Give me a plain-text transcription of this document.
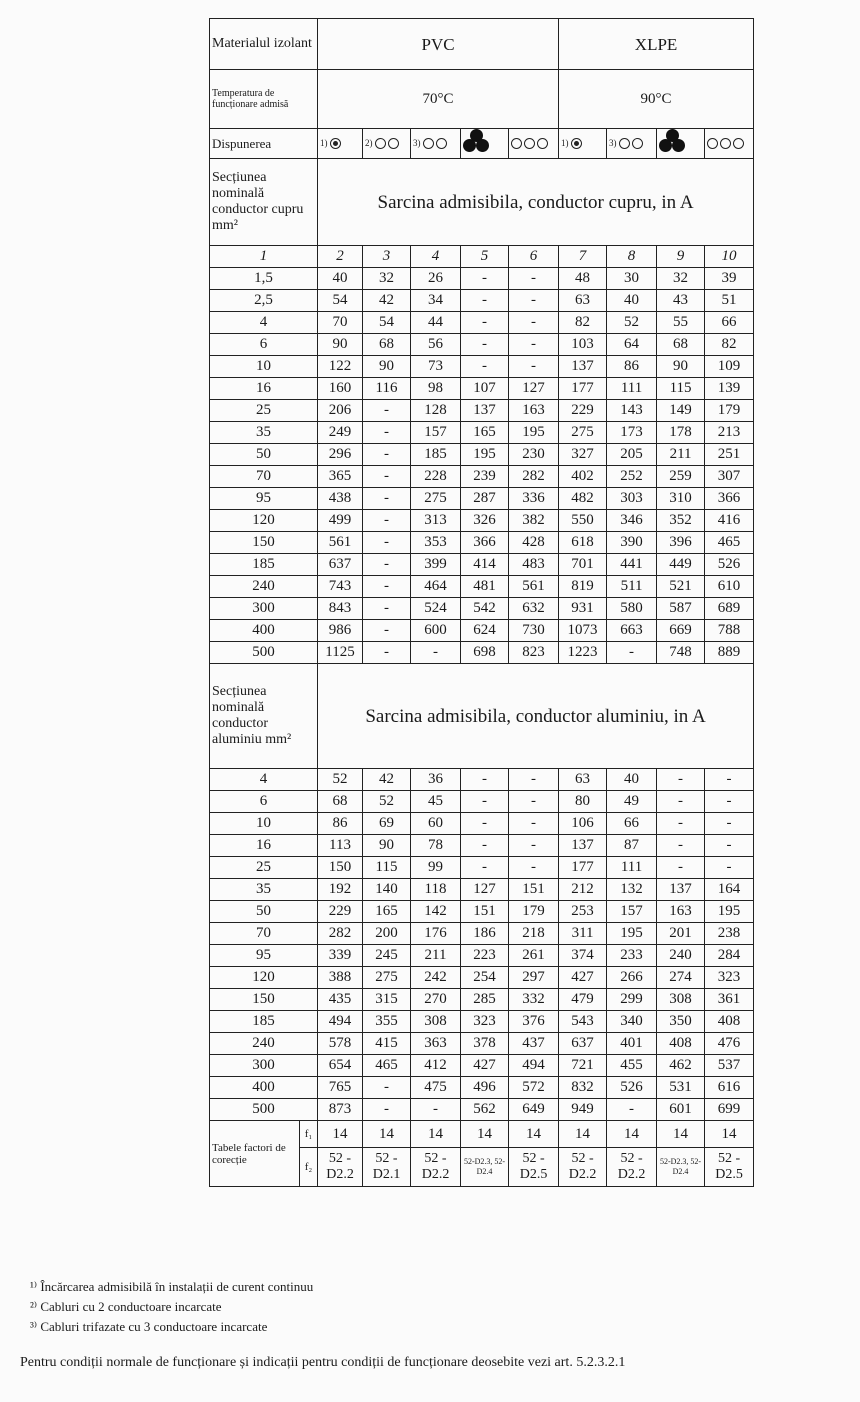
Materialul izolant		PVC					XLPE			
Temperatura de funcționare admisă		70°C					90°C			
Dispunerea		1)	2)	3)			1)	3)		

Secțiunea nominală conductor cupru mm²		Sarcina admisibila, conductor cupru, in A								
1		2	3	4	5	6	7	8	9	10
1,5		40	32	26	-	-	48	30	32	39
2,5		54	42	34	-	-	63	40	43	51
4		70	54	44	-	-	82	52	55	66
6		90	68	56	-	-	103	64	68	82
10		122	90	73	-	-	137	86	90	109
16		160	116	98	107	127	177	111	115	139
25		206	-	128	137	163	229	143	149	179
35		249	-	157	165	195	275	173	178	213
50		296	-	185	195	230	327	205	211	251
70		365	-	228	239	282	402	252	259	307
95		438	-	275	287	336	482	303	310	366
120		499	-	313	326	382	550	346	352	416
150		561	-	353	366	428	618	390	396	465
185		637	-	399	414	483	701	441	449	526
240		743	-	464	481	561	819	511	521	610
300		843	-	524	542	632	931	580	587	689
400		986	-	600	624	730	1073	663	669	788
500		1125	-	-	698	823	1223	-	748	889
Secțiunea nominală conductor aluminiu mm²		Sarcina admisibila, conductor aluminiu, in A								
4		52	42	36	-	-	63	40	-	-
6		68	52	45	-	-	80	49	-	-
10		86	69	60	-	-	106	66	-	-
16		113	90	78	-	-	137	87	-	-
25		150	115	99	-	-	177	111	-	-
35		192	140	118	127	151	212	132	137	164
50		229	165	142	151	179	253	157	163	195
70		282	200	176	186	218	311	195	201	238
95		339	245	211	223	261	374	233	240	284
120		388	275	242	254	297	427	266	274	323
150		435	315	270	285	332	479	299	308	361
185		494	355	308	323	376	543	340	350	408
240		578	415	363	378	437	637	401	408	476
300		654	465	412	427	494	721	455	462	537
400		765	-	475	496	572	832	526	531	616
500		873	-	-	562	649	949	-	601	699
Tabele factori de corecție	f₁	14	14	14	14	14	14	14	14	14
	f₂	52 - D2.2	52 - D2.1	52 - D2.2	52-D2.3, 52-D2.4	52 - D2.5	52 - D2.2	52 - D2.2	52-D2.3, 52-D2.4	52 - D2.5
¹⁾ Încărcarea admisibilă în instalații de curent continuu
²⁾ Cabluri cu 2 conductoare incarcate
³⁾ Cabluri trifazate cu 3 conductoare incarcate
Pentru condiții normale de funcționare și indicații pentru condiții de funcționare deosebite vezi art. 5.2.3.2.1
